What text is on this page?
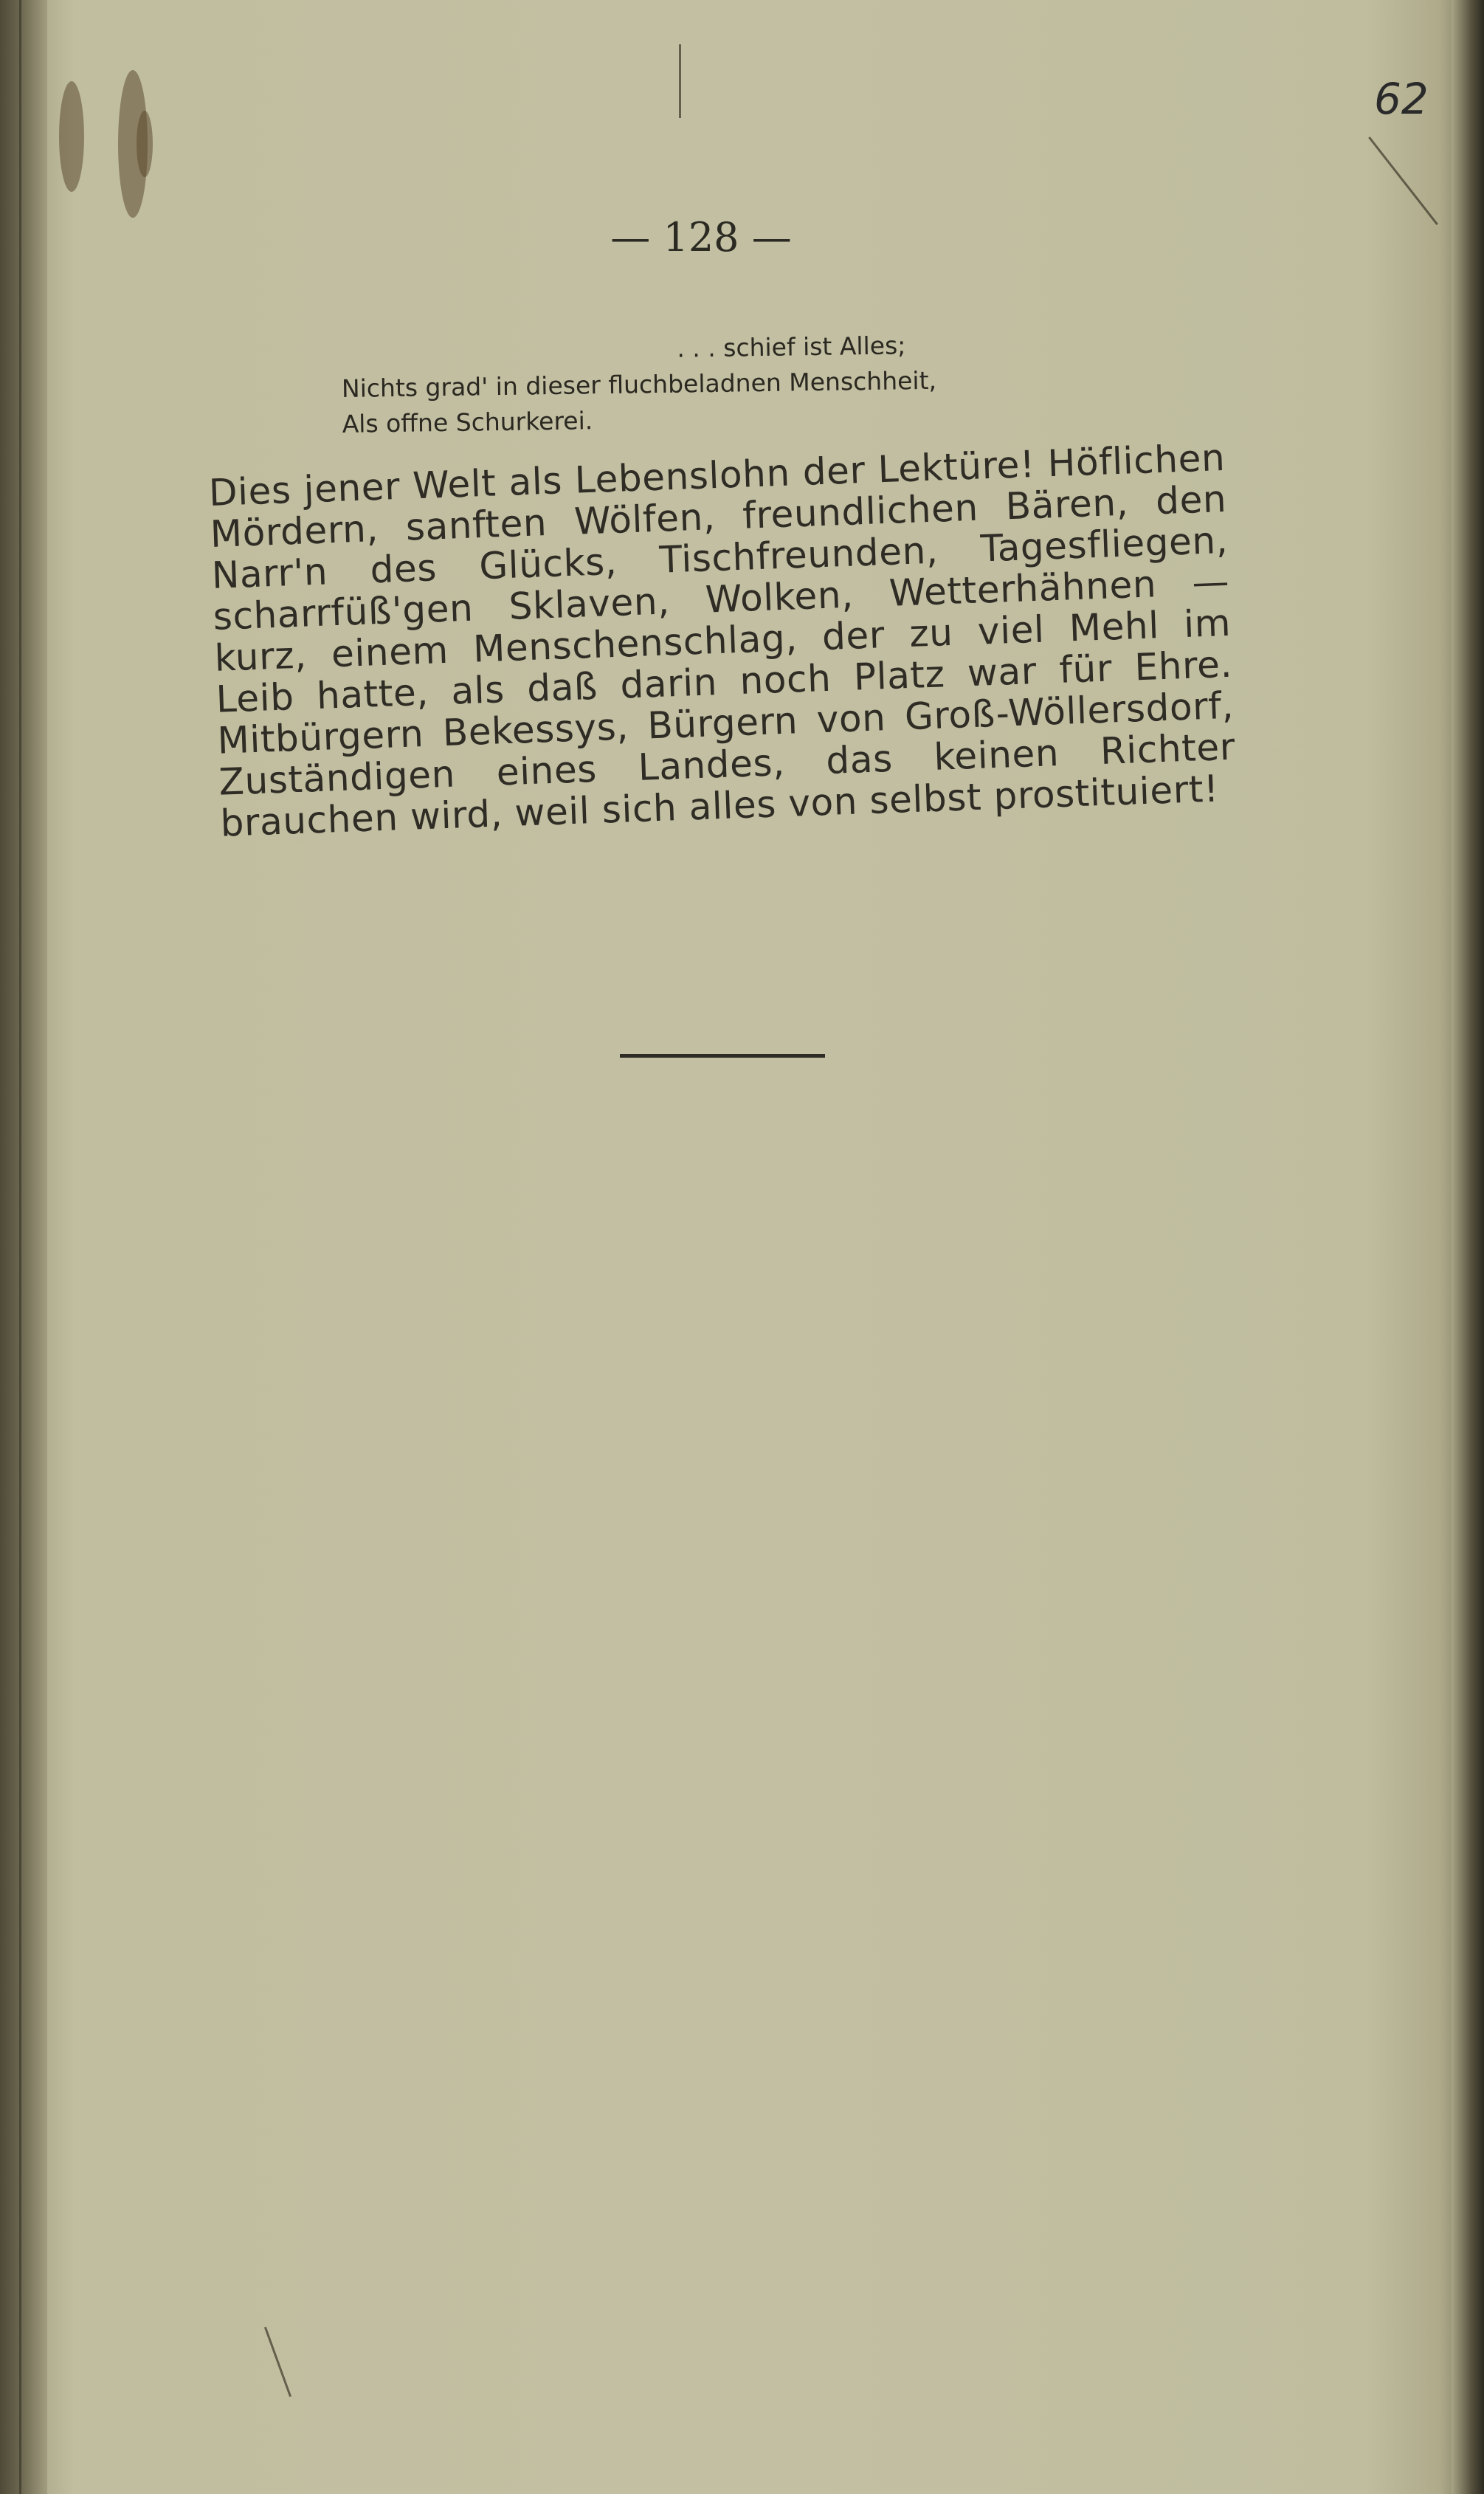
— 128 —
62
. . . schief ist Alles;
Nichts grad' in dieser fluchbeladnen Menschheit,
Als offne Schurkerei.
Dies jener Welt als Lebenslohn der Lektüre! Höflichen Mördern, sanften Wölfen, freundlichen Bären, den Narr'n des Glücks, Tischfreunden, Tagesfliegen, scharrfüß'gen Sklaven, Wolken, Wetterhähnen — kurz, einem Menschenschlag, der zu viel Mehl im Leib hatte, als daß darin noch Platz war für Ehre. Mitbürgern Bekessys, Bürgern von Groß-Wöllersdorf, Zuständigen eines Landes, das keinen Richter brauchen wird, weil sich alles von selbst prostituiert!
